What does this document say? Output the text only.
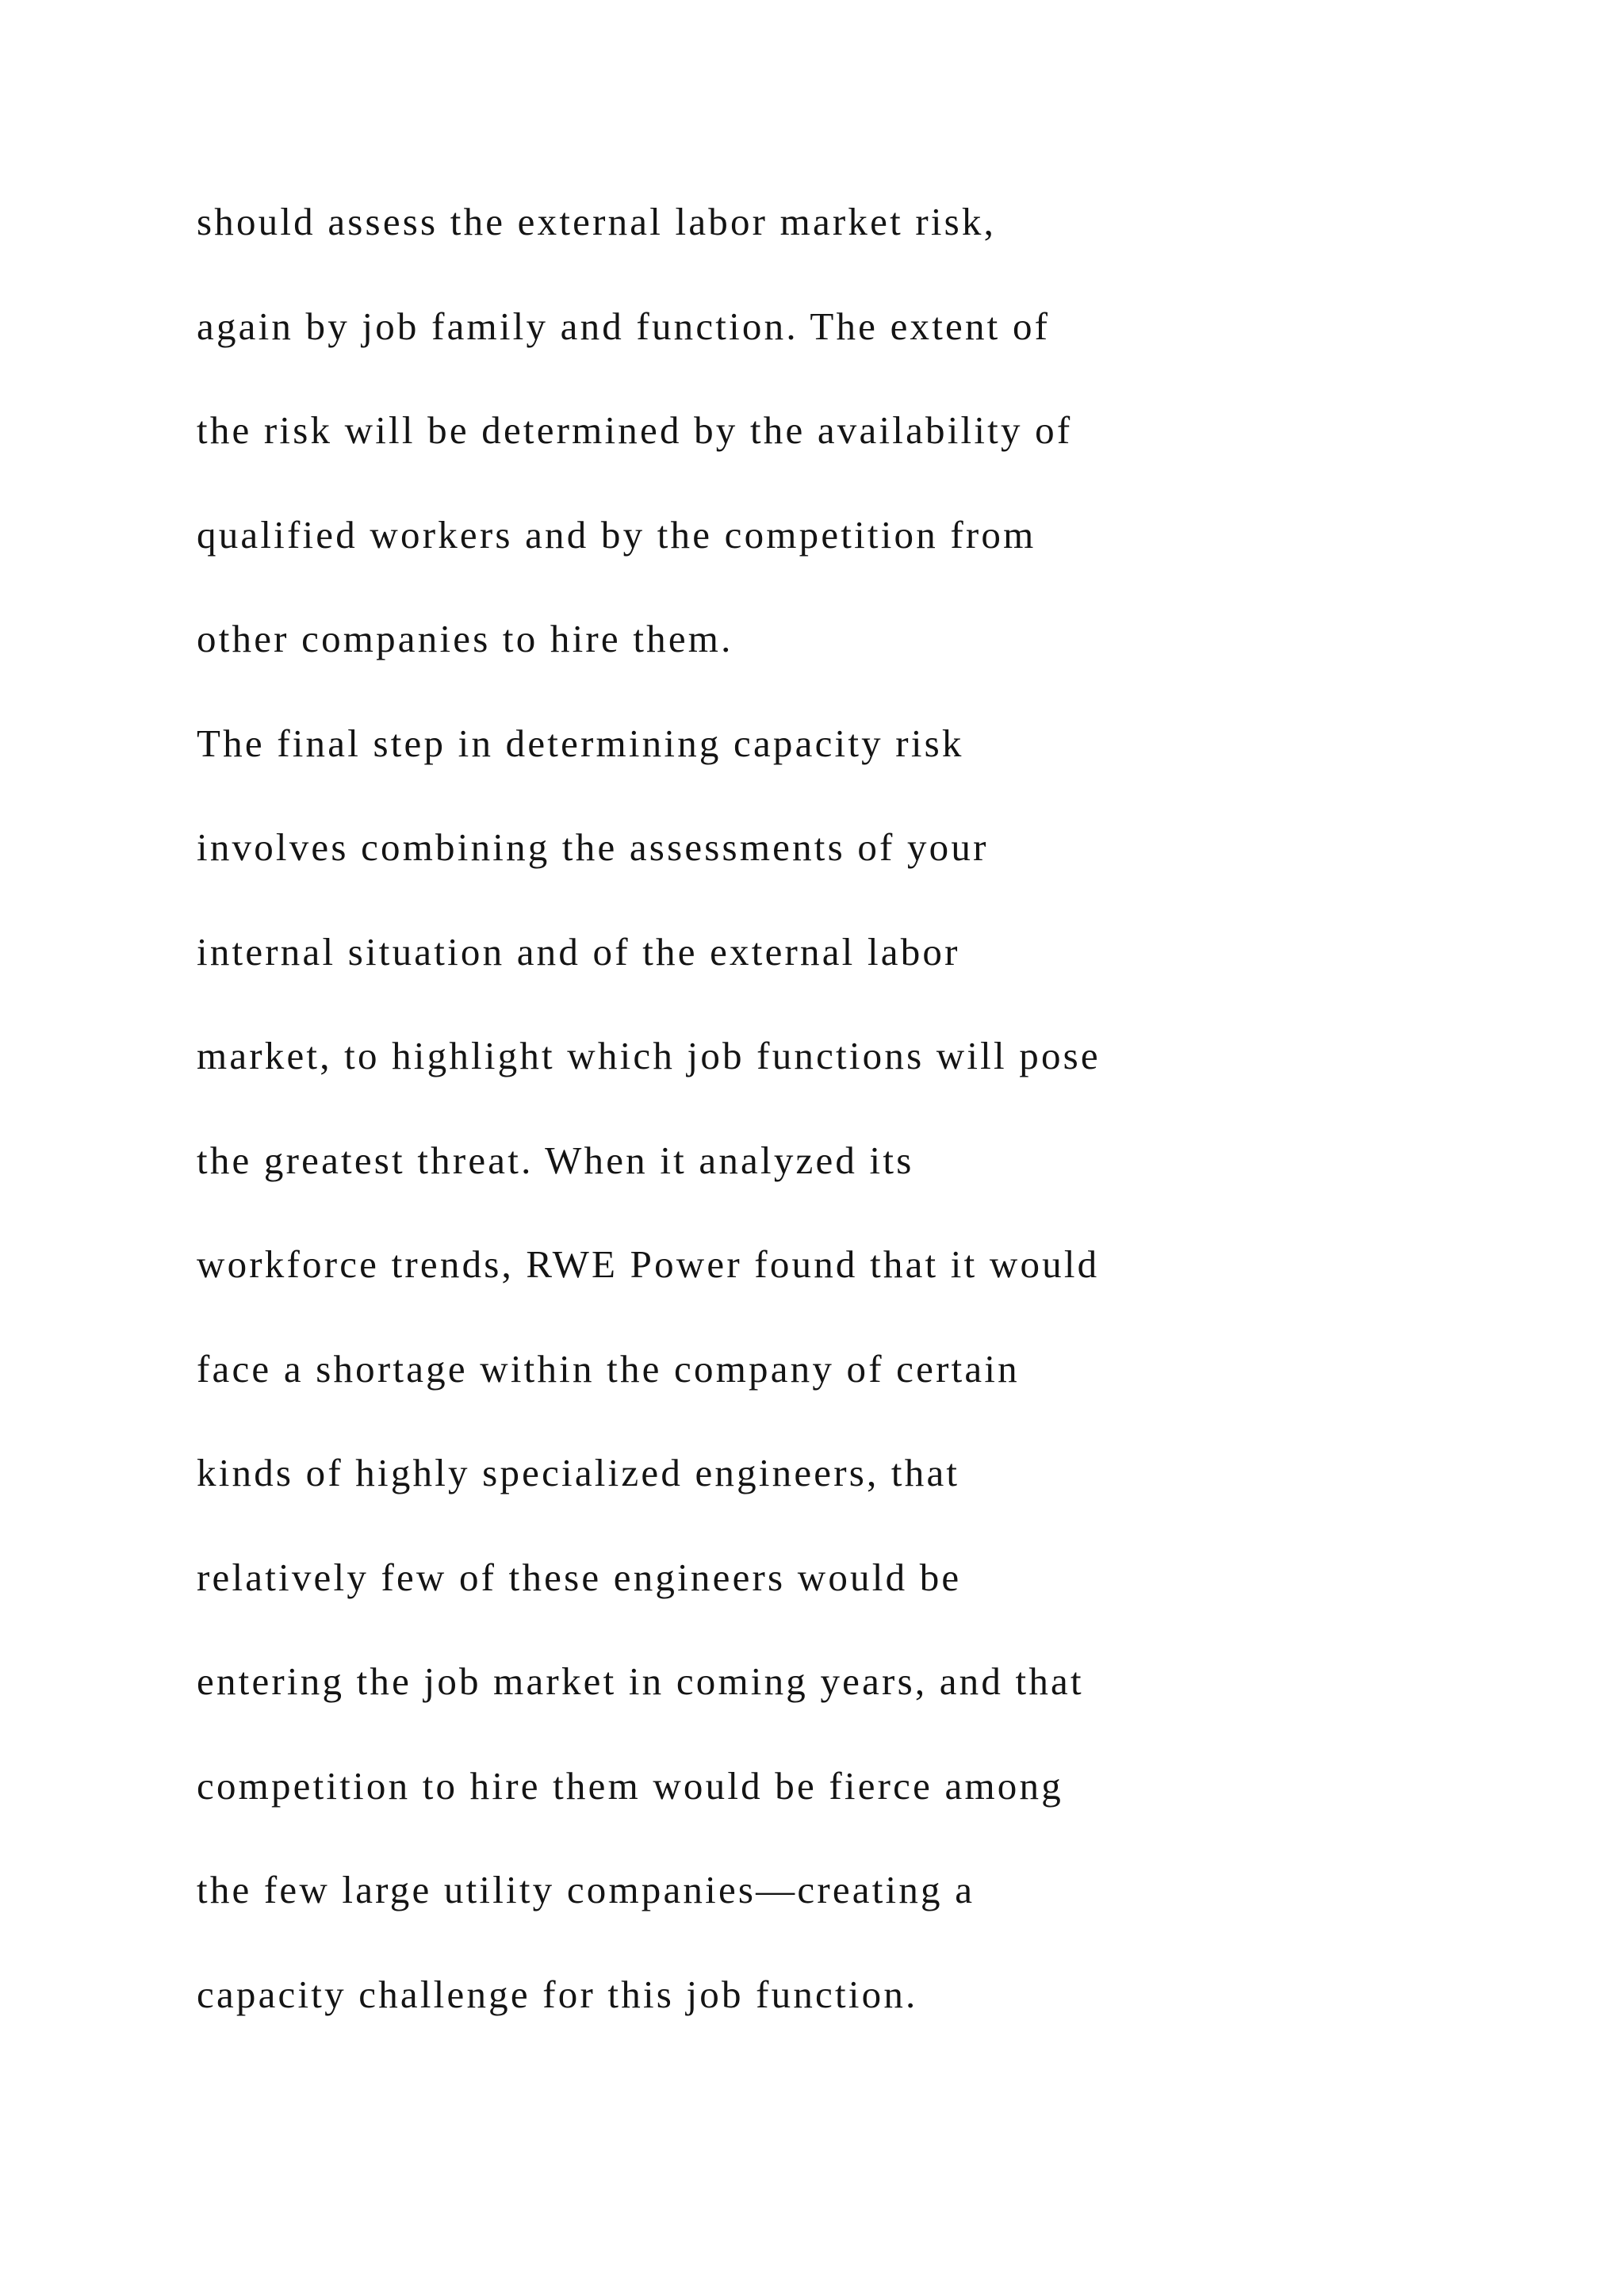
should assess the external labor market risk,
again by job family and function. The extent of
the risk will be determined by the availability of
qualified workers and by the competition from
other companies to hire them.
The final step in determining capacity risk
involves combining the assessments of your
internal situation and of the external labor
market, to highlight which job functions will pose
the greatest threat. When it analyzed its
workforce trends, RWE Power found that it would
face a shortage within the company of certain
kinds of highly specialized engineers, that
relatively few of these engineers would be
entering the job market in coming years, and that
competition to hire them would be fierce among
the few large utility companies—creating a
capacity challenge for this job function.
